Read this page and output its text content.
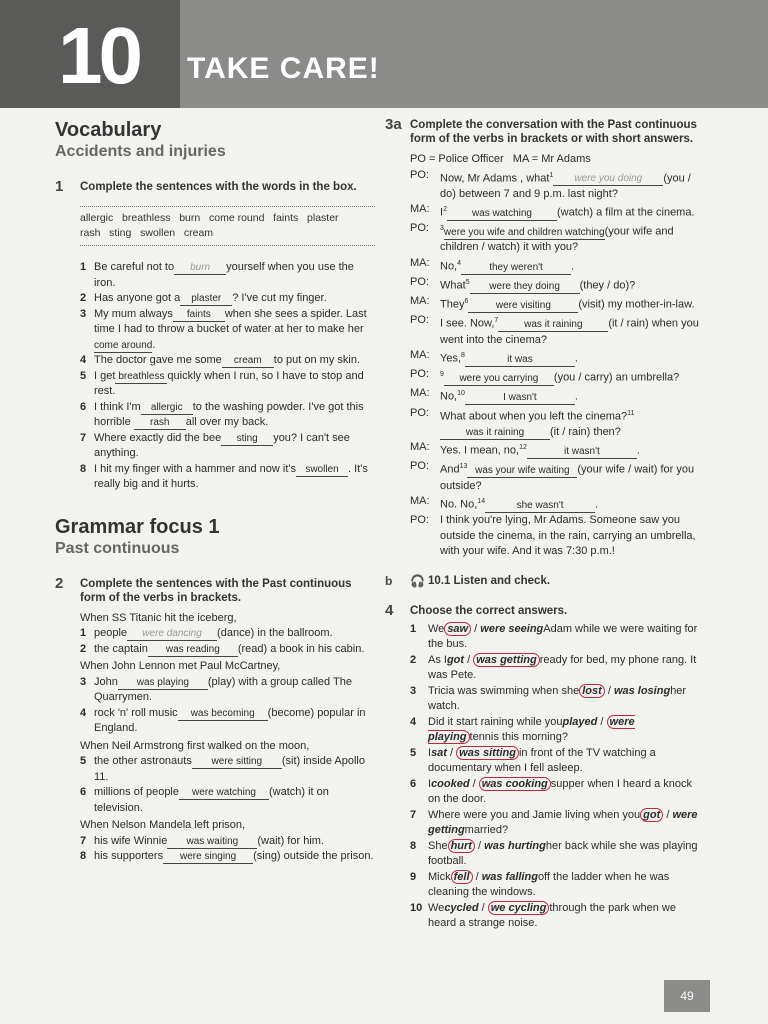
10 TAKE CARE!
Vocabulary
Accidents and injuries
1	Complete the sentences with the words in the box.
allergic   breathless   burn   come round   faints   plaster
rash   sting   swollen   cream
1 Be careful not to burn yourself when you use the iron.
2 Has anyone got a plaster ? I've cut my finger.
3 My mum always faints when she sees a spider. Last time I had to throw a bucket of water at her to make her come around.
4 The doctor gave me some cream to put on my skin.
5 I get breathless quickly when I run, so I have to stop and rest.
6 I think I'm allergic to the washing powder. I've got this horrible rash all over my back.
7 Where exactly did the bee sting you? I can't see anything.
8 I hit my finger with a hammer and now it's swollen . It's really big and it hurts.
Grammar focus 1
Past continuous
2	Complete the sentences with the Past continuous form of the verbs in brackets.
When SS Titanic hit the iceberg,
1 people were dancing (dance) in the ballroom.
2 the captain was reading (read) a book in his cabin.
When John Lennon met Paul McCartney,
3 John was playing (play) with a group called The Quarrymen.
4 rock 'n' roll music was becoming (become) popular in England.
When Neil Armstrong first walked on the moon,
5 the other astronauts were sitting (sit) inside Apollo 11.
6 millions of people were watching (watch) it on television.
When Nelson Mandela left prison,
7 his wife Winnie was waiting (wait) for him.
8 his supporters were singing (sing) outside the prison.
3a Complete the conversation with the Past continuous form of the verbs in brackets or with short answers.
PO = Police Officer   MA = Mr Adams
PO:	Now, Mr Adams , what$^1$ were you doing (you / do) between 7 and 9 p.m. last night?
MA: $I^2$ was watching (watch) a film at the cinema.
PO:	$^3$were you wife and children watching(your wife and children / watch) it with you?
MA: No,$^4$	they weren't	.
PO:	What$^5$ were they doing (they / do)?
MA: They$^6$	were visiting (visit) my mother-in-law.
PO:	I see. Now,$^7$	was it raining (it / rain) when you went into the cinema?
MA: Yes,$^8$	it was	.
PO:	$^9$ were you carrying (you / carry) an umbrella?
MA: No,$^{10}$	I wasn't	.
PO:	What about when you left the cinema?$^{11}$was it raining (it / rain) then?
MA: Yes. I mean, no,$^{12}$	it wasn't	.
PO:	And$^{13}$ was your wife waiting (your wife / wait) for you outside?
MA: No. No,$^{14}$	she wasn't	.
PO:	I think you're lying, Mr Adams. Someone saw you outside the cinema, in the rain, carrying an umbrella, with your wife. And it was 7:30 p.m.!
b	🎧 10.1 Listen and check.
4	Choose the correct answers.
1	We saw / were seeingAdam while we were waiting for the bus.
2	As Igot / was getting ready for bed, my phone rang. It was Pete.
3	Tricia was swimming when she lost / was losingher watch.
4	Did it start raining while youplayed / were playing tennis this morning?
5	Isat / was sitting in front of the TV watching a documentary when I fell asleep.
6	Icooked / was cooking supper when I heard a knock on the door.
7	Where were you and Jamie living when you got / were gettingmarried?
8	She hurt / was hurtingher back while she was playing football.
9	Mick fell / was fallingoff the ladder when he was cleaning the windows.
10 Wecycled / we cycling through the park when we heard a strange noise.
49
